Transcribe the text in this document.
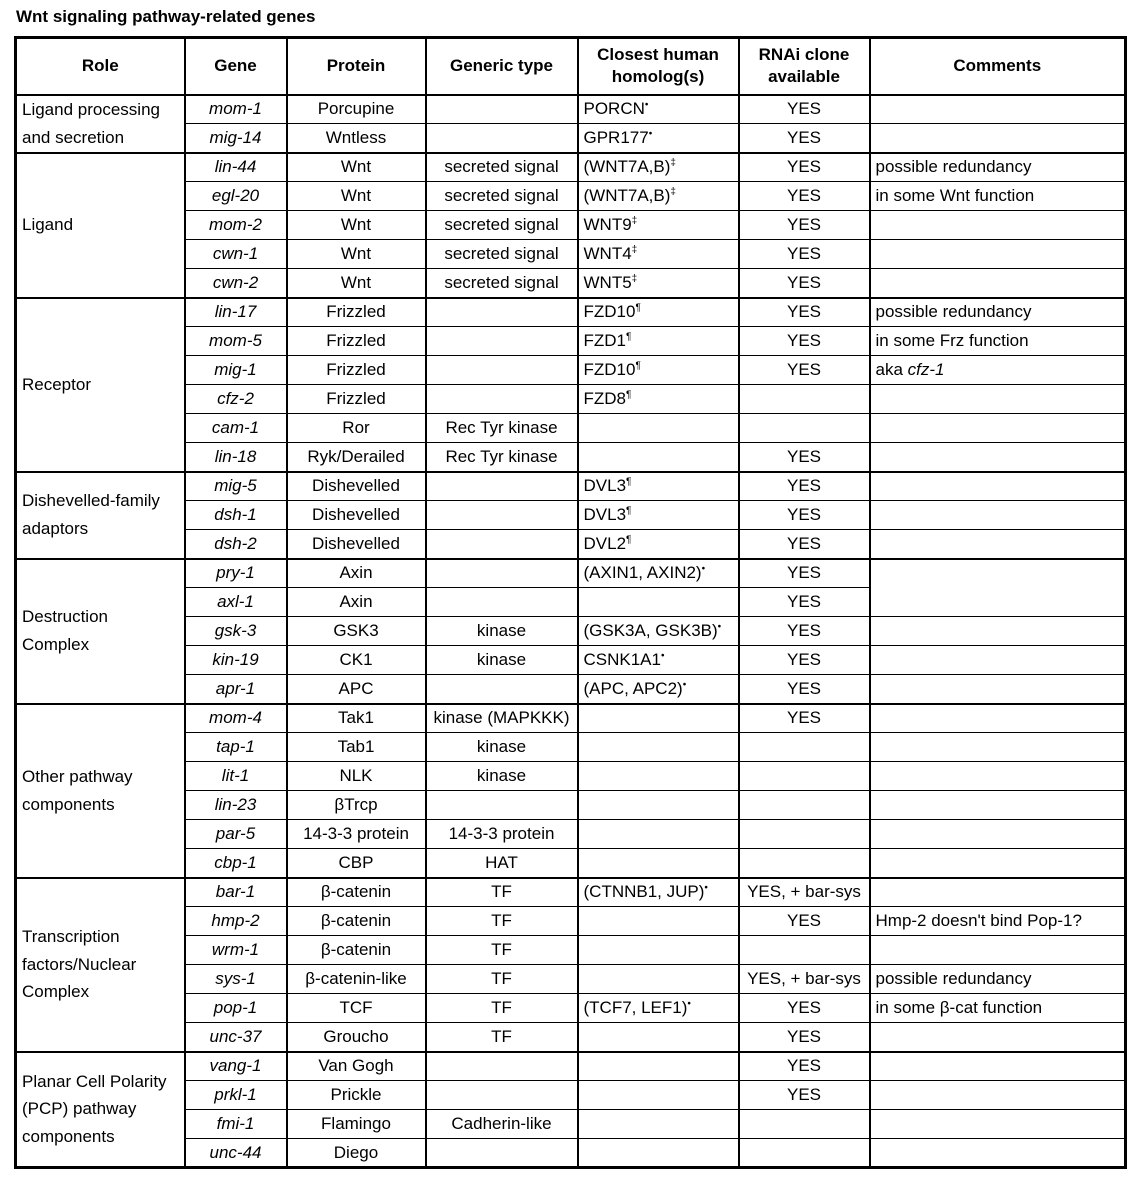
Wnt signaling pathway-related genes
Role	Gene	Protein	Generic type	Closest human homolog(s)	RNAi clone available	Comments
Ligand processing and secretion	mom-1	Porcupine		PORCN•	YES	
	mig-14	Wntless		GPR177•	YES	
Ligand	lin-44	Wnt	secreted signal	(WNT7A,B)‡	YES	possible redundancy
	egl-20	Wnt	secreted signal	(WNT7A,B)‡	YES	in some Wnt function
	mom-2	Wnt	secreted signal	WNT9‡	YES	
	cwn-1	Wnt	secreted signal	WNT4‡	YES	
	cwn-2	Wnt	secreted signal	WNT5‡	YES	
Receptor	lin-17	Frizzled		FZD10¶	YES	possible redundancy
	mom-5	Frizzled		FZD1¶	YES	in some Frz function
	mig-1	Frizzled		FZD10¶	YES	aka cfz-1
	cfz-2	Frizzled		FZD8¶		
	cam-1	Ror	Rec Tyr kinase			
	lin-18	Ryk/Derailed	Rec Tyr kinase		YES	
Dishevelled-family adaptors	mig-5	Dishevelled		DVL3¶	YES	
	dsh-1	Dishevelled		DVL3¶	YES	
	dsh-2	Dishevelled		DVL2¶	YES	
Destruction Complex	pry-1	Axin		(AXIN1, AXIN2)•	YES	
	axl-1	Axin			YES	
	gsk-3	GSK3	kinase	(GSK3A, GSK3B)•	YES	
	kin-19	CK1	kinase	CSNK1A1•	YES	
	apr-1	APC		(APC, APC2)•	YES	
Other pathway components	mom-4	Tak1	kinase (MAPKKK)		YES	
	tap-1	Tab1	kinase			
	lit-1	NLK	kinase			
	lin-23	βTrcp				
	par-5	14-3-3 protein	14-3-3 protein			
	cbp-1	CBP	HAT			
Transcription factors/Nuclear Complex	bar-1	β-catenin	TF	(CTNNB1, JUP)•	YES, + bar-sys	
	hmp-2	β-catenin	TF		YES	Hmp-2 doesn't bind Pop-1?
	wrm-1	β-catenin	TF			
	sys-1	β-catenin-like	TF		YES, + bar-sys	possible redundancy
	pop-1	TCF	TF	(TCF7, LEF1)•	YES	in some β-cat function
	unc-37	Groucho	TF		YES	
Planar Cell Polarity (PCP) pathway components	vang-1	Van Gogh			YES	
	prkl-1	Prickle			YES	
	fmi-1	Flamingo	Cadherin-like			
	unc-44	Diego				
